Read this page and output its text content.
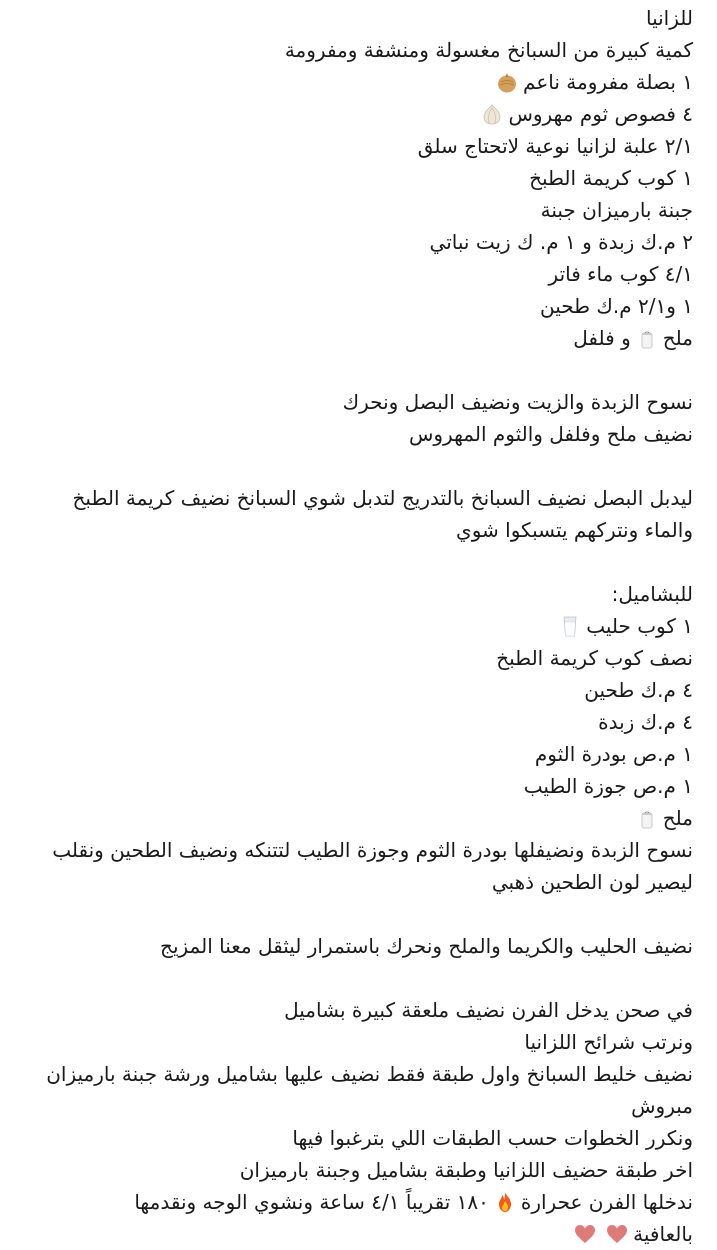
للزانيا
كمية كبيرة من السبانخ مغسولة ومنشفة ومفرومة
١ بصلة مفرومة ناعم
٤ فصوص ثوم مهروس
٢/١ علبة لزانيا نوعية لاتحتاج سلق
١ كوب كريمة الطبخ
جبنة بارميزان جبنة
٢ م.ك زبدة و ١ م. ك زيت نباتي
٤/١ كوب ماء فاتر
١ و٢/١ م.ك طحين
ملح
و فلفل
نسوح الزبدة والزيت ونضيف البصل ونحرك
نضيف ملح وفلفل والثوم المهروس
ليدبل البصل نضيف السبانخ بالتدريج لتدبل شوي السبانخ نضيف كريمة الطبخ والماء ونتركهم يتسبكوا شوي
للبشاميل:
١ كوب حليب
نصف كوب كريمة الطبخ
٤ م.ك طحين
٤ م.ك زبدة
١ م.ص بودرة الثوم
١ م.ص جوزة الطيب
ملح
نسوح الزبدة ونضيفلها بودرة الثوم وجوزة الطيب لتتنكه ونضيف الطحين ونقلب ليصير لون الطحين ذهبي
نضيف الحليب والكريما والملح ونحرك باستمرار ليثقل معنا المزيج
في صحن يدخل الفرن نضيف ملعقة كبيرة بشاميل
ونرتب شرائح اللزانيا
نضيف خليط السبانخ واول طبقة فقط نضيف عليها بشاميل ورشة جبنة بارميزان مبروش
ونكرر الخطوات حسب الطبقات اللي بترغبوا فيها
اخر طبقة حضيف اللزانيا وطبقة بشاميل وجبنة بارميزان
ندخلها الفرن عحرارة
١٨٠ تقريباً ٤/١ ساعة ونشوي الوجه ونقدمها
بالعافية
